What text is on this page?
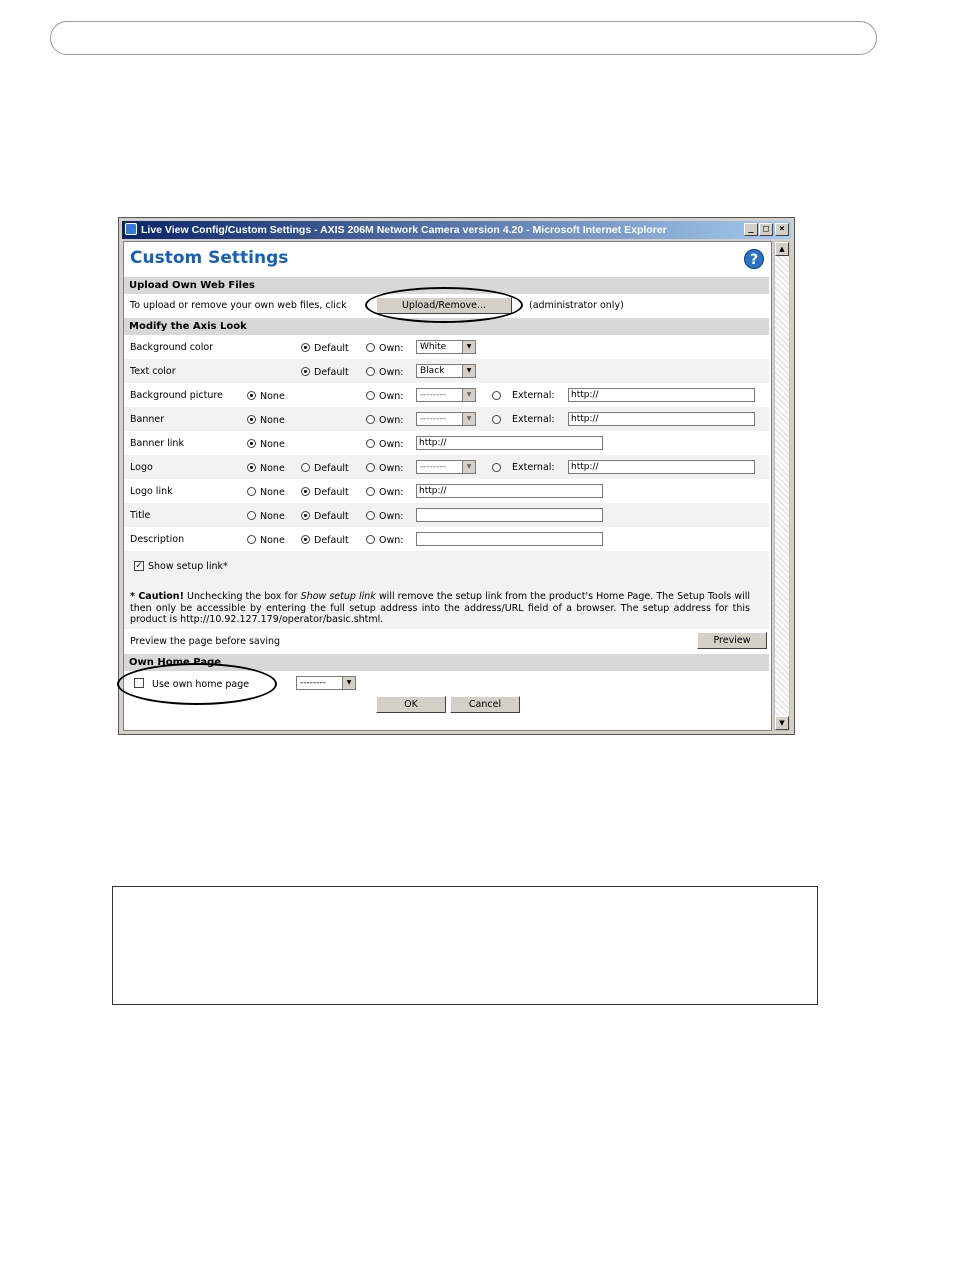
Live View Config/Custom Settings - AXIS 206M Network Camera version 4.20 - Microsoft Internet Explorer	_	□	×
Custom Settings	?
Upload Own Web Files
To upload or remove your own web files, click	Upload/Remove...	(administrator only)
Modify the Axis Look
Background color	Default	Own:	White	▼
Text color	Default	Own:	Black	▼
Background picture	None	Own:	--------	▼	External:	http://
Banner	None	Own:	--------	▼	External:	http://
Banner link	None	Own:	http://
Logo	None	Default	Own:	--------	▼	External:	http://
Logo link	None	Default	Own:	http://
Title	None	Default	Own:
Description	None	Default	Own:
✓ Show setup link*
* Caution! Unchecking the box for Show setup link will remove the setup link from the product's Home Page. The Setup Tools will then only be accessible by entering the full setup address into the address/URL field of a browser. The setup address for this product is http://10.92.127.179/operator/basic.shtml.
Preview the page before saving	Preview
Own Home Page
Use own home page	--------	▼
OK	Cancel
▲
▼
